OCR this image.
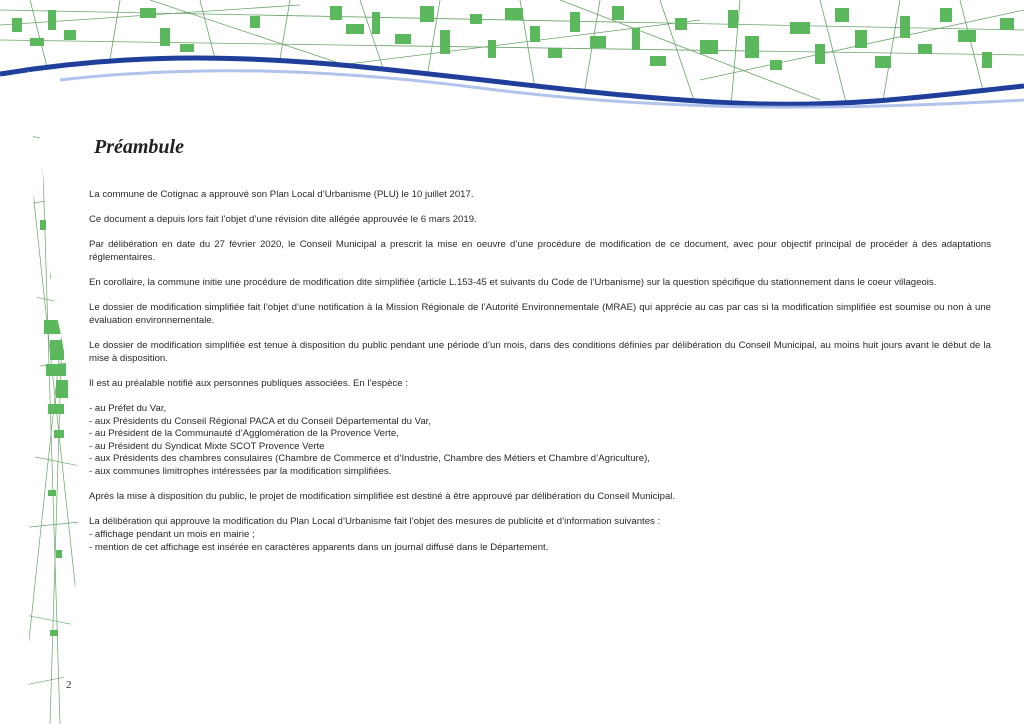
Préambule

La commune de Cotignac a approuvé son Plan Local d’Urbanisme (PLU) le 10 juillet 2017.

Ce document a depuis lors fait l’objet d’une révision dite allégée approuvée le 6 mars 2019.

Par délibération en date du 27 février 2020, le Conseil Municipal a prescrit la mise en oeuvre d’une procédure de modification de ce document, avec pour objectif principal de procéder à des adaptations réglementaires.

En corollaire, la commune initie une procédure de modification dite simplifiée (article L.153-45 et suivants du Code de l’Urbanisme) sur la question spécifique du stationnement dans le coeur villageois.

Le dossier de modification simplifiée fait l’objet d’une notification à la Mission Régionale de l’Autorité Environnementale (MRAE) qui apprécie au cas par cas si la modification simplifiée est soumise ou non à une évaluation environnementale.

Le dossier de modification simplifiée est tenue à disposition du public pendant une période d’un mois, dans des conditions définies par délibération du Conseil Municipal, au moins huit jours avant le début de la mise à disposition.

Il est au préalable notifié aux personnes publiques associées. En l’espèce :

- au Préfet du Var,
- aux Présidents du Conseil Régional PACA et du Conseil Départemental du Var,
- au Président de la Communauté d’Agglomération de la Provence Verte,
- au Président du Syndicat Mixte SCOT Provence Verte
- aux Présidents des chambres consulaires (Chambre de Commerce et d’Industrie, Chambre des Métiers et Chambre d’Agriculture),
- aux communes limitrophes intéressées par la modification simplifiées.

Après la mise à disposition du public, le projet de modification simplifiée est destiné à être approuvé par délibération du Conseil Municipal.

La délibération qui approuve la modification du Plan Local d’Urbanisme fait l’objet des mesures de publicité et d’information suivantes :

- affichage pendant un mois en mairie ;
- mention de cet affichage est insérée en caractères apparents dans un journal diffusé dans le Département.
2
